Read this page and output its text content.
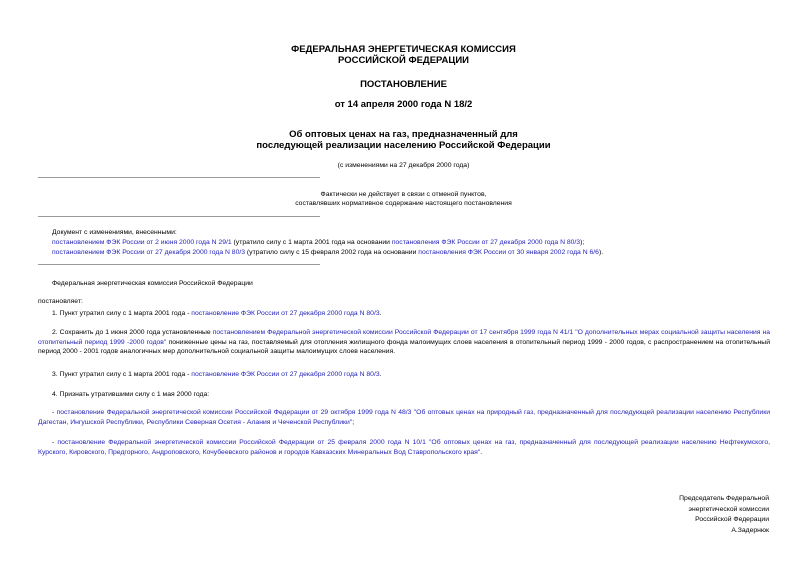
ФЕДЕРАЛЬНАЯ ЭНЕРГЕТИЧЕСКАЯ КОМИССИЯ
РОССИЙСКОЙ ФЕДЕРАЦИИ
ПОСТАНОВЛЕНИЕ
от 14 апреля 2000 года N 18/2
Об оптовых ценах на газ, предназначенный для
последующей реализации населению Российской Федерации
(с изменениями на 27 декабря 2000 года)
Фактически не действует в связи с отменой пунктов,
составлявших нормативное содержание настоящего постановления
Документ с изменениями, внесенными:
постановлением ФЭК России от 2 июня 2000 года N 29/1 (утратило силу с 1 марта 2001 года на основании постановления ФЭК России от 27 декабря 2000 года N 80/3);
постановлением ФЭК России от 27 декабря 2000 года N 80/3 (утратило силу с 15 февраля 2002 года на основании постановления ФЭК России от 30 января 2002 года N 6/6).
Федеральная энергетическая комиссия Российской Федерации
постановляет:
1. Пункт утратил силу с 1 марта 2001 года - постановление ФЭК России от 27 декабря 2000 года N 80/3.
2. Сохранить до 1 июня 2000 года установленные постановлением Федеральной энергетической комиссии Российской Федерации от 17 сентября 1999 года N 41/1 "О дополнительных мерах социальной защиты населения на отопительный период 1999 -2000 годов" пониженные цены на газ, поставляемый для отопления жилищного фонда малоимущих слоев населения в отопительный период 1999 - 2000 годов, с распространением на отопительный период 2000 - 2001 годов аналогичных мер дополнительной социальной защиты малоимущих слоев населения.
3. Пункт утратил силу с 1 марта 2001 года - постановление ФЭК России от 27 декабря 2000 года N 80/3.
4. Признать утратившими силу с 1 мая 2000 года:
- постановление Федеральной энергетической комиссии Российской Федерации от 29 октября 1999 года N 48/3 "Об оптовых ценах на природный газ, предназначенный для последующей реализации населению Республики Дагестан, Ингушской Республики, Республики Северная Осетия - Алания и Чеченской Республики";
- постановление Федеральной энергетической комиссии Российской Федерации от 25 февраля 2000 года N 10/1 "Об оптовых ценах на газ, предназначенный для последующей реализации населению Нефтекумского, Курского, Кировского, Предгорного, Андроповского, Кочубеевского районов и городов Кавказских Минеральных Вод Ставропольского края".
Председатель Федеральной
энергетической комиссии
Российской Федерации
А.Задернюк
